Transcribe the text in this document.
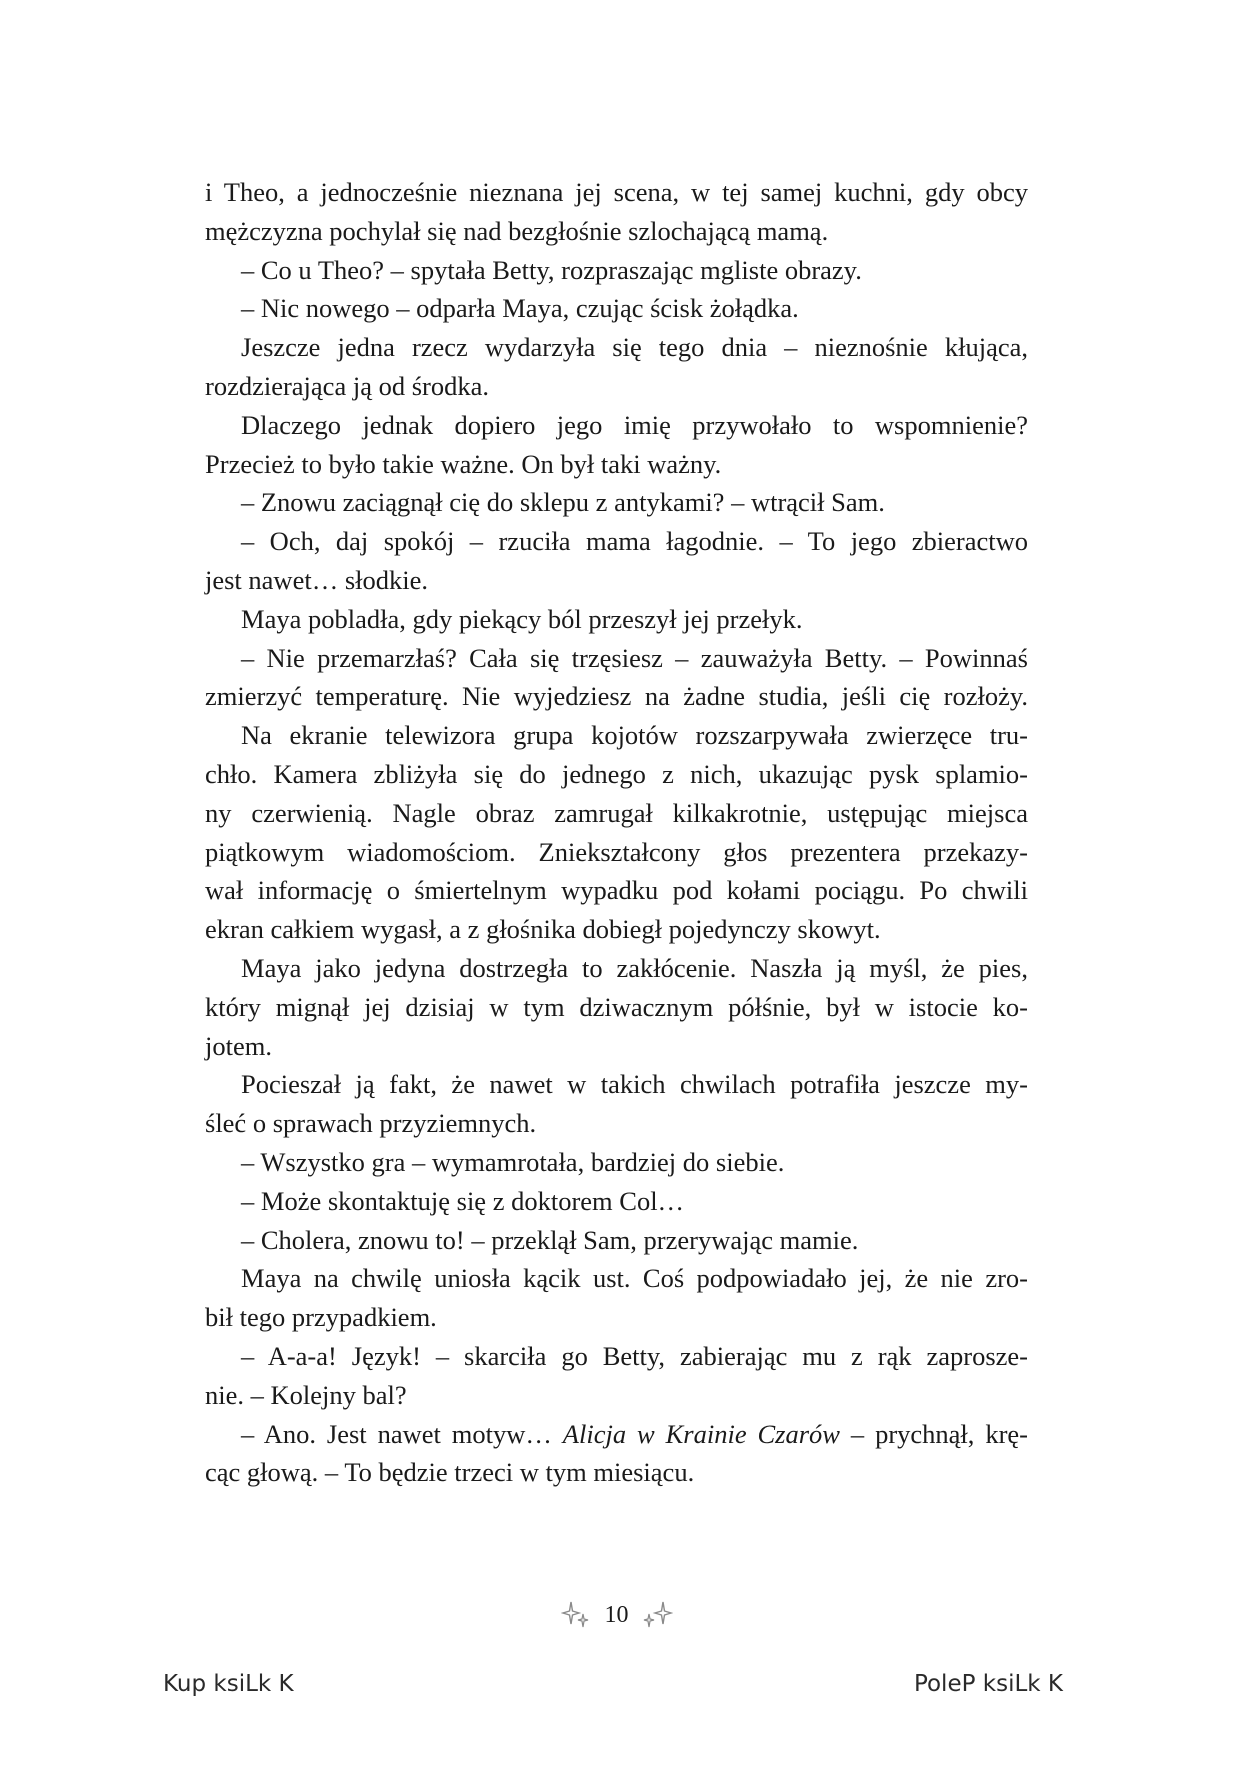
i Theo, a jednocześnie nieznana jej scena, w tej samej kuchni, gdy obcy
mężczyzna pochylał się nad bezgłośnie szlochającą mamą.
– Co u Theo? – spytała Betty, rozpraszając mgliste obrazy.
– Nic nowego – odparła Maya, czując ścisk żołądka.
Jeszcze jedna rzecz wydarzyła się tego dnia – nieznośnie kłująca,
rozdzierająca ją od środka.
Dlaczego jednak dopiero jego imię przywołało to wspomnienie?
Przecież to było takie ważne. On był taki ważny.
– Znowu zaciągnął cię do sklepu z antykami? – wtrącił Sam.
– Och, daj spokój – rzuciła mama łagodnie. – To jego zbieractwo
jest nawet… słodkie.
Maya pobladła, gdy piekący ból przeszył jej przełyk.
– Nie przemarzłaś? Cała się trzęsiesz – zauważyła Betty. – Powinnaś
zmierzyć temperaturę. Nie wyjedziesz na żadne studia, jeśli cię rozłoży.
Na ekranie telewizora grupa kojotów rozszarpywała zwierzęce tru-
chło. Kamera zbliżyła się do jednego z nich, ukazując pysk splamio-
ny czerwienią. Nagle obraz zamrugał kilkakrotnie, ustępując miejsca
piątkowym wiadomościom. Zniekształcony głos prezentera przekazy-
wał informację o śmiertelnym wypadku pod kołami pociągu. Po chwili
ekran całkiem wygasł, a z głośnika dobiegł pojedynczy skowyt.
Maya jako jedyna dostrzegła to zakłócenie. Naszła ją myśl, że pies,
który mignął jej dzisiaj w tym dziwacznym półśnie, był w istocie ko-
jotem.
Pocieszał ją fakt, że nawet w takich chwilach potrafiła jeszcze my-
śleć o sprawach przyziemnych.
– Wszystko gra – wymamrotała, bardziej do siebie.
– Może skontaktuję się z doktorem Col…
– Cholera, znowu to! – przeklął Sam, przerywając mamie.
Maya na chwilę uniosła kącik ust. Coś podpowiadało jej, że nie zro-
bił tego przypadkiem.
– A-a-a! Język! – skarciła go Betty, zabierając mu z rąk zaprosze-
nie. – Kolejny bal?
– Ano. Jest nawet motyw… Alicja w Krainie Czarów – prychnął, krę-
cąc głową. – To będzie trzeci w tym miesiącu.
10
Kup ksiLk K	PoleP ksiLk K
